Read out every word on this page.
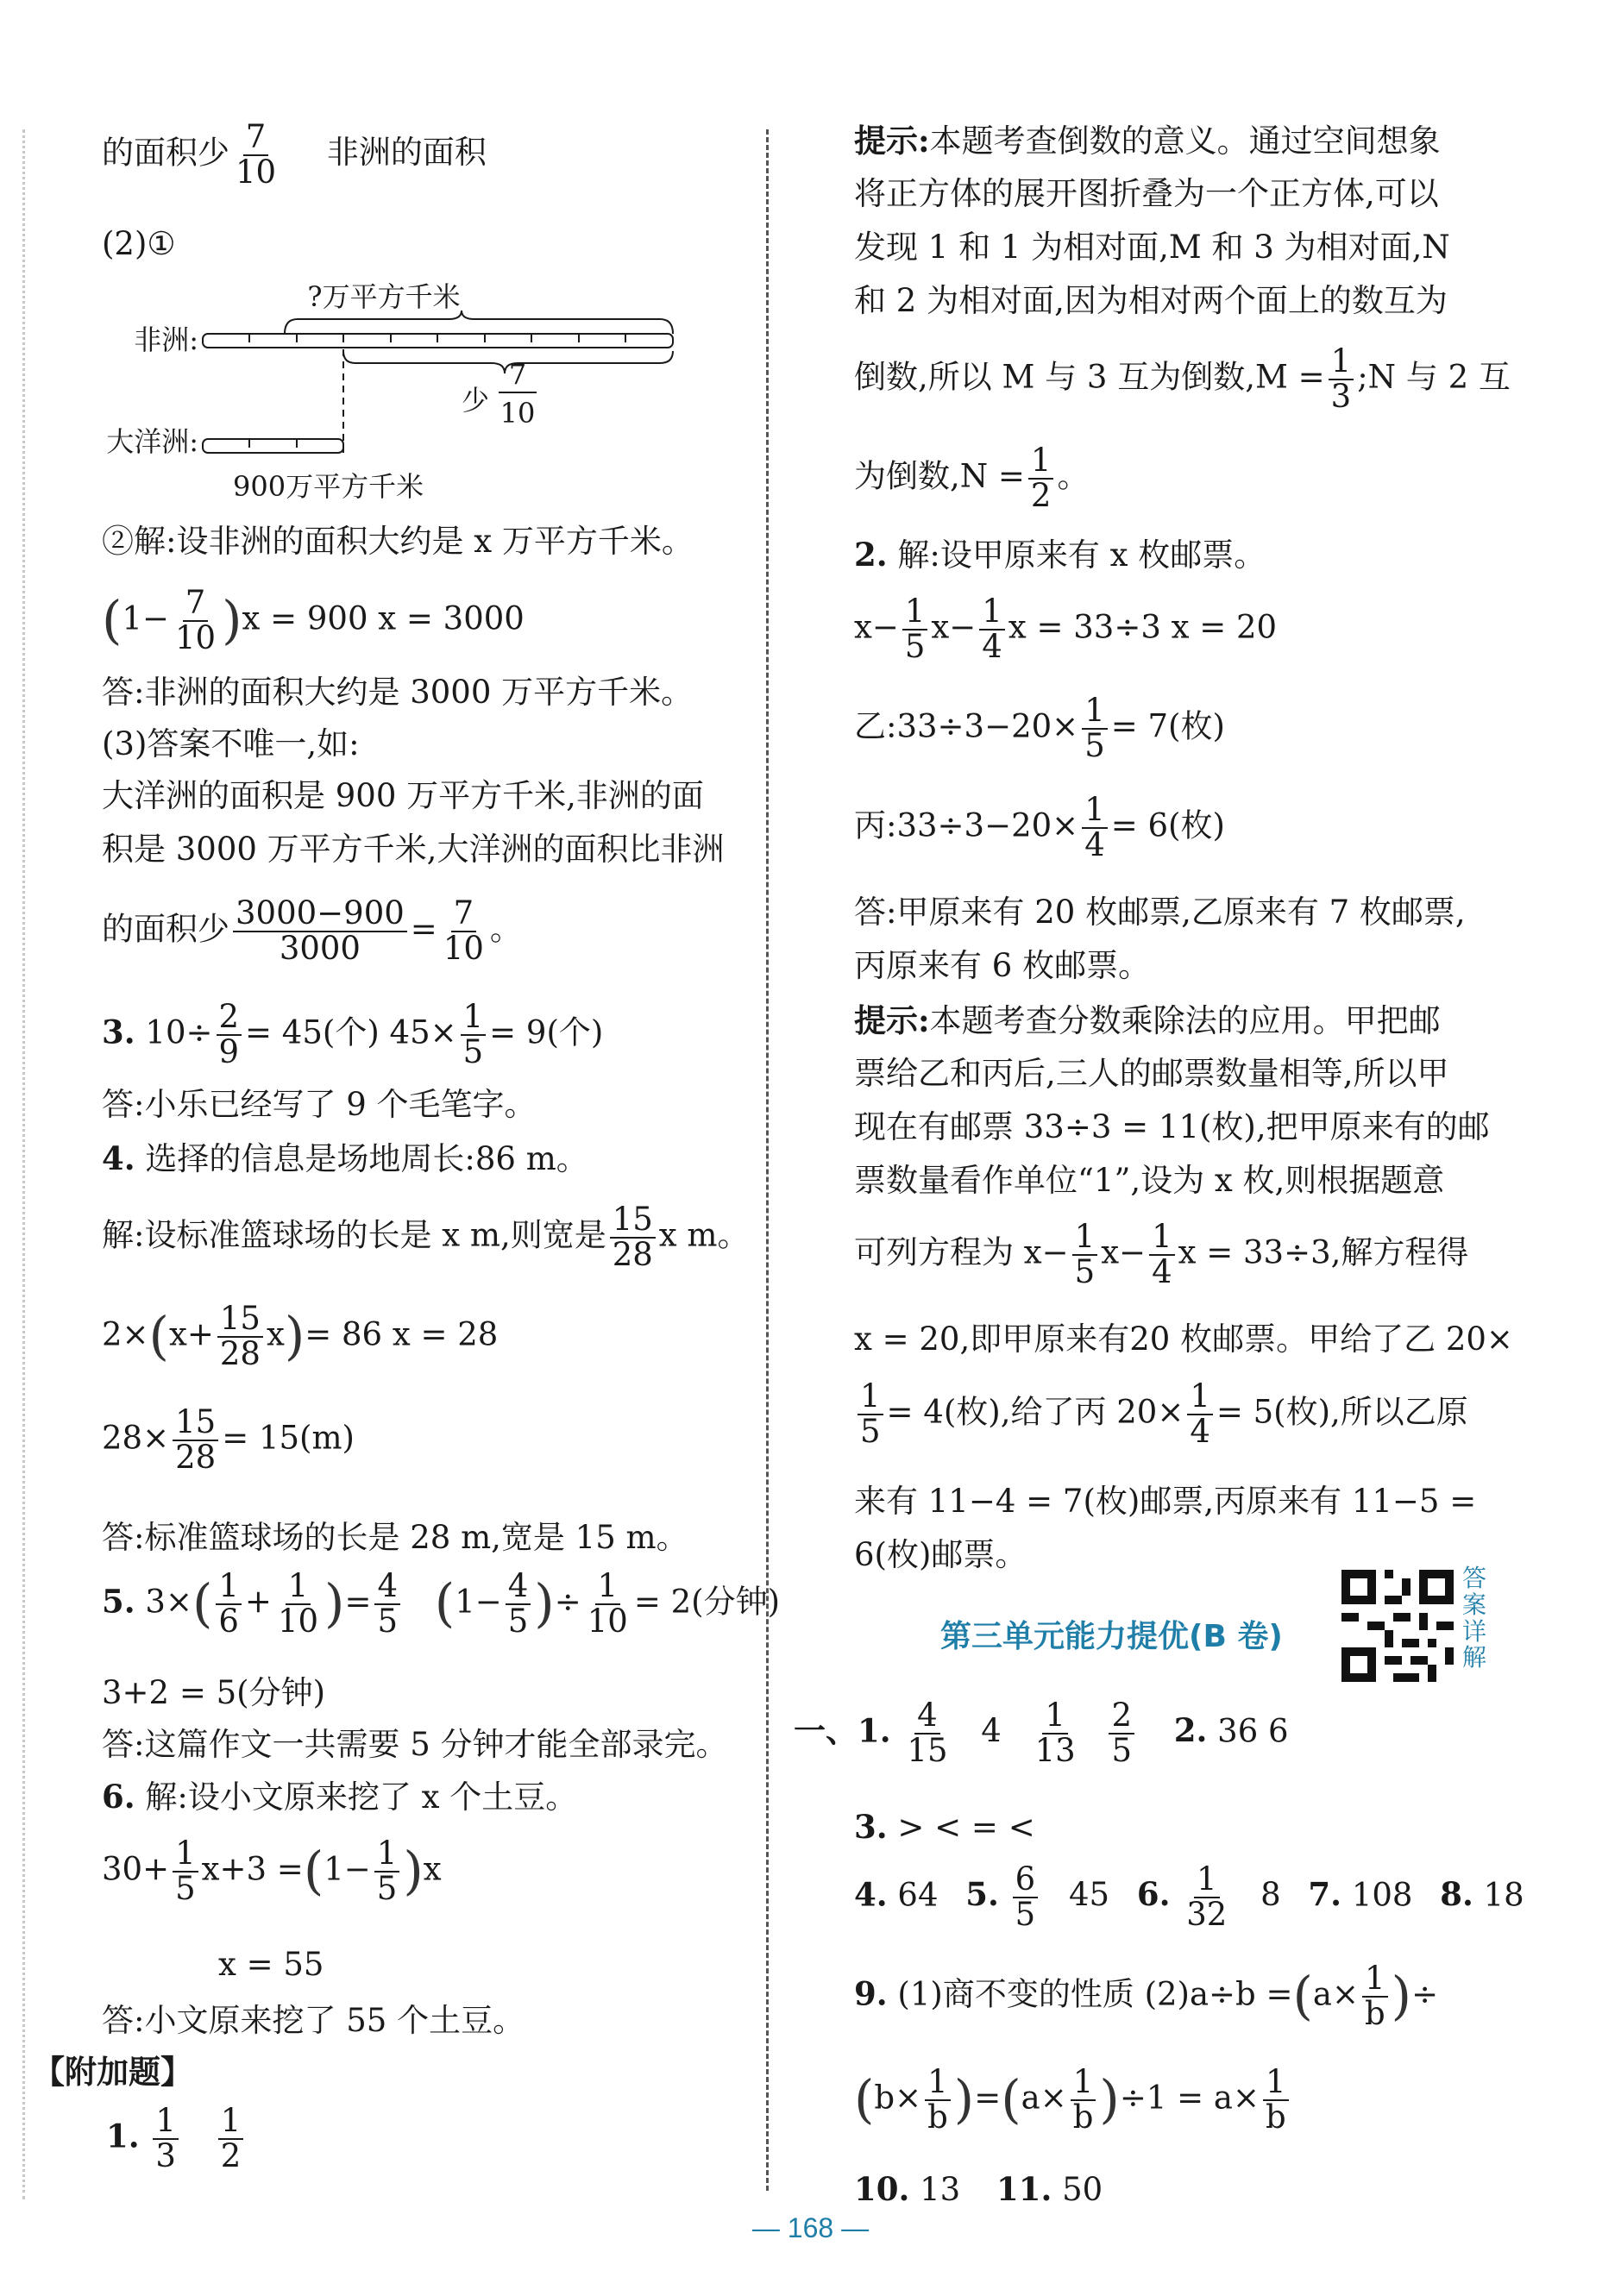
的面积少 $\frac{7}{10}$ 非洲的面积
(2)①
②解:设非洲的面积大约是 x 万平方千米。
$(1- \frac{7}{10} )x = 900$ x = 3000
答:非洲的面积大约是 3000 万平方千米。
(3)答案不唯一,如:
大洋洲的面积是 900 万平方千米,非洲的面
积是 3000 万平方千米,大洋洲的面积比非洲
的面积少 $\frac{3000-900}{3000} = \frac{7}{10}$ 。
3. $10\div \frac{2}{9} = 45$(个) $45\times \frac{1}{5} = 9$(个)
答:小乐已经写了 9 个毛笔字。
4. 选择的信息是场地周长:86 m。
解:设标准篮球场的长是 x m,则宽是 $\frac{15}{28}$ x m。
$2\times(x+ \frac{15}{28} x)= 86$ x = 28
$28\times \frac{15}{28} = 15(m)$
答:标准篮球场的长是 28 m,宽是 15 m。
5. $3\times( \frac{1}{6} + \frac{1}{10}$ )= $\frac{4}{5} (1- \frac{4}{5}$ )÷ $\frac{1}{10} = 2$(分钟)
3+2 = 5(分钟)
答:这篇作文一共需要 5 分钟才能全部录完。
6. 解:设小文原来挖了 x 个土豆。
$30+ \frac{1}{5} x+3 =(1- \frac{1}{5} )x$
x = 55
答:小文原来挖了 55 个土豆。
【附加题】
1. $\frac{1}{3}$
$\frac{1}{2}$
?万平方千米
非洲:
少
7
10
大洋洲:
900万平方千米
提示:本题考查倒数的意义。通过空间想象
将正方体的展开图折叠为一个正方体,可以
发现 1 和 1 为相对面,M 和 3 为相对面,N
和 2 为相对面,因为相对两个面上的数互为
倒数,所以 M 与 3 互为倒数$,M = \frac{1}{3}$ ;N 与 2 互
为倒数$,N = \frac{1}{2}$ 。
2. 解:设甲原来有 x 枚邮票。
$x- \frac{1}{5} x- \frac{1}{4}$ x = 33÷3 x = 20
乙:33÷3−20× $\frac{1}{5} = 7$(枚)
丙:33÷3−20× $\frac{1}{4} = 6$(枚)
答:甲原来有 20 枚邮票,乙原来有 7 枚邮票,
丙原来有 6 枚邮票。
提示:本题考查分数乘除法的应用。甲把邮
票给乙和丙后,三人的邮票数量相等,所以甲
现在有邮票 33÷3 = 11(枚),把甲原来有的邮
票数量看作单位“1”,设为 x 枚,则根据题意
可列方程为 $x- \frac{1}{5} x- \frac{1}{4}$ x = 33÷3,解方程得
x = 20,即甲原来有20 枚邮票。甲给了乙 20×
$\frac{1}{5} = 4$(枚),给了丙 $20\times \frac{1}{4} = 5$(枚),所以乙原
来有 11−4 = 7(枚)邮票,丙原来有 11−5 =
6(枚)邮票。
第三单元能力提优(B 卷)
一、1. $\frac{4}{15} 4 \frac{1}{13}$
$\frac{2}{5} 2$. 36 6
3. > < = <
4. 64 5. $\frac{6}{5} 45$ 6. $\frac{1}{32} 8$ 7. 108 8. 18
9. (1)商不变的性质 $(2)a\div b =(a\times \frac{1}{b}$ )÷
$(b\times \frac{1}{b} )=(a\times \frac{1}{b} )\div 1 = a\times \frac{1}{b}$
10. 13 11. 50
答案详解
— 168 —
